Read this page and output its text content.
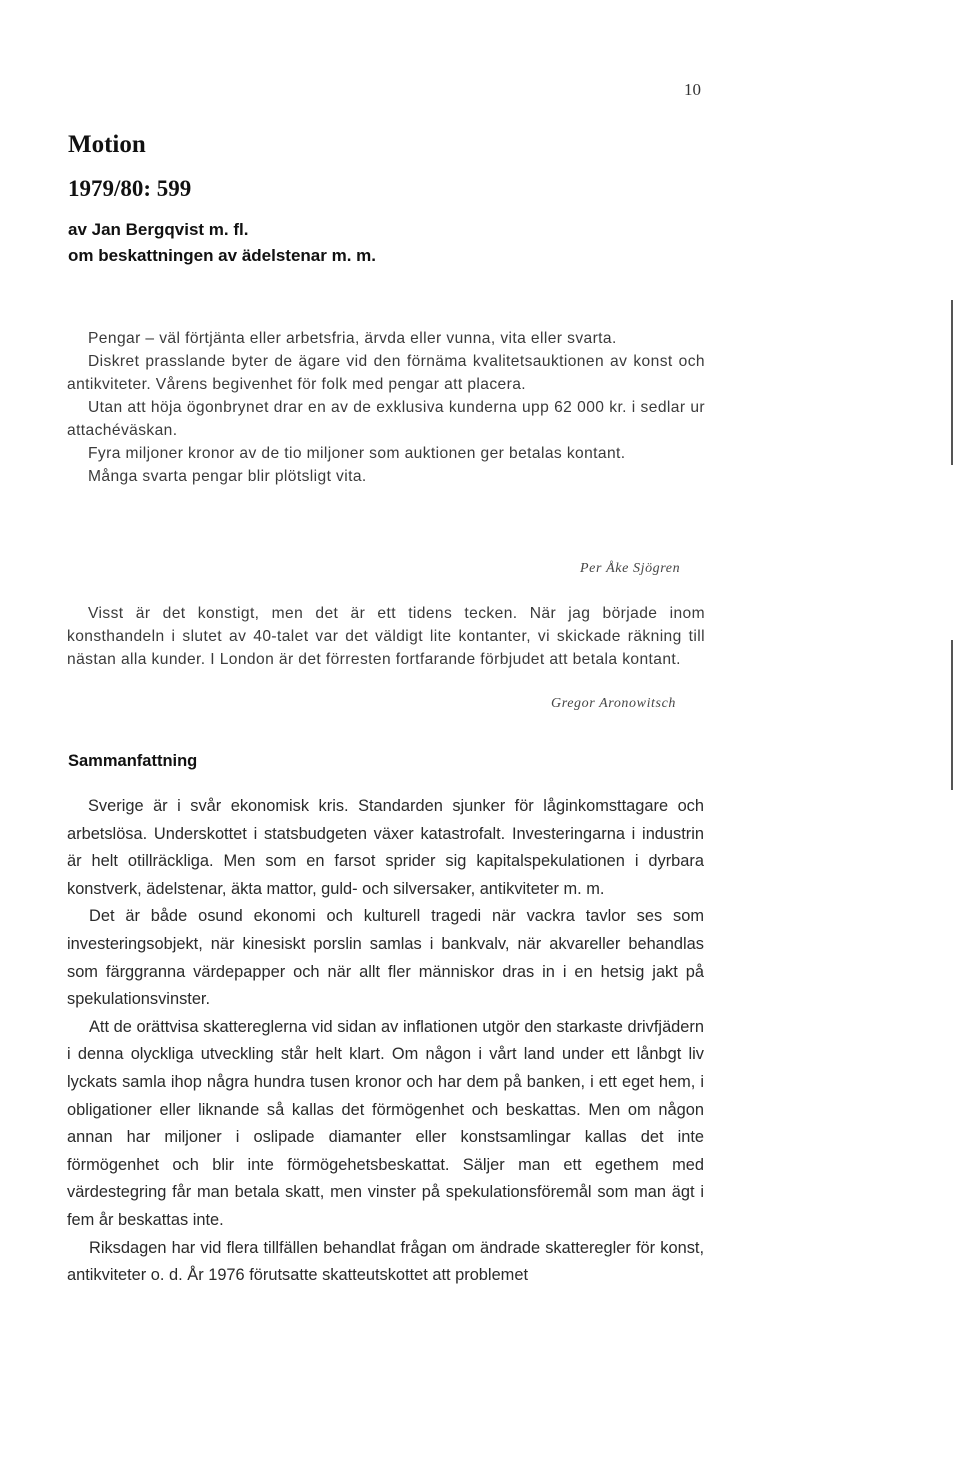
10
Motion
1979/80: 599

av Jan Bergqvist m. fl.

om beskattningen av ädelstenar m. m.

Pengar – väl förtjänta eller arbetsfria, ärvda eller vunna, vita eller svarta.

Diskret prasslande byter de ägare vid den förnäma kvalitetsauktionen av konst och antikviteter. Vårens begivenhet för folk med pengar att placera.

Utan att höja ögonbrynet drar en av de exklusiva kunderna upp 62 000 kr. i sedlar ur attachéväskan.

Fyra miljoner kronor av de tio miljoner som auktionen ger betalas kontant.

Många svarta pengar blir plötsligt vita.

Per Åke Sjögren

Visst är det konstigt, men det är ett tidens tecken. När jag började inom konsthandeln i slutet av 40-talet var det väldigt lite kontanter, vi skickade räkning till nästan alla kunder. I London är det förresten fortfarande förbjudet att betala kontant.

Gregor Aronowitsch
Sammanfattning

Sverige är i svår ekonomisk kris. Standarden sjunker för låginkomsttagare och arbetslösa. Underskottet i statsbudgeten växer katastrofalt. Investeringarna i industrin är helt otillräckliga. Men som en farsot sprider sig kapitalspekulationen i dyrbara konstverk, ädelstenar, äkta mattor, guld- och silversaker, antikviteter m. m.

Det är både osund ekonomi och kulturell tragedi när vackra tavlor ses som investeringsobjekt, när kinesiskt porslin samlas i bankvalv, när akvareller behandlas som färggranna värdepapper och när allt fler människor dras in i en hetsig jakt på spekulationsvinster.

Att de orättvisa skattereglerna vid sidan av inflationen utgör den starkaste drivfjädern i denna olyckliga utveckling står helt klart. Om någon i vårt land under ett lånbgt liv lyckats samla ihop några hundra tusen kronor och har dem på banken, i ett eget hem, i obligationer eller liknande så kallas det förmögenhet och beskattas. Men om någon annan har miljoner i oslipade diamanter eller konstsamlingar kallas det inte förmögenhet och blir inte förmögehetsbeskattat. Säljer man ett egethem med värdestegring får man betala skatt, men vinster på spekulationsföremål som man ägt i fem år beskattas inte.

Riksdagen har vid flera tillfällen behandlat frågan om ändrade skatteregler för konst, antikviteter o. d. År 1976 förutsatte skatteutskottet att problemet
